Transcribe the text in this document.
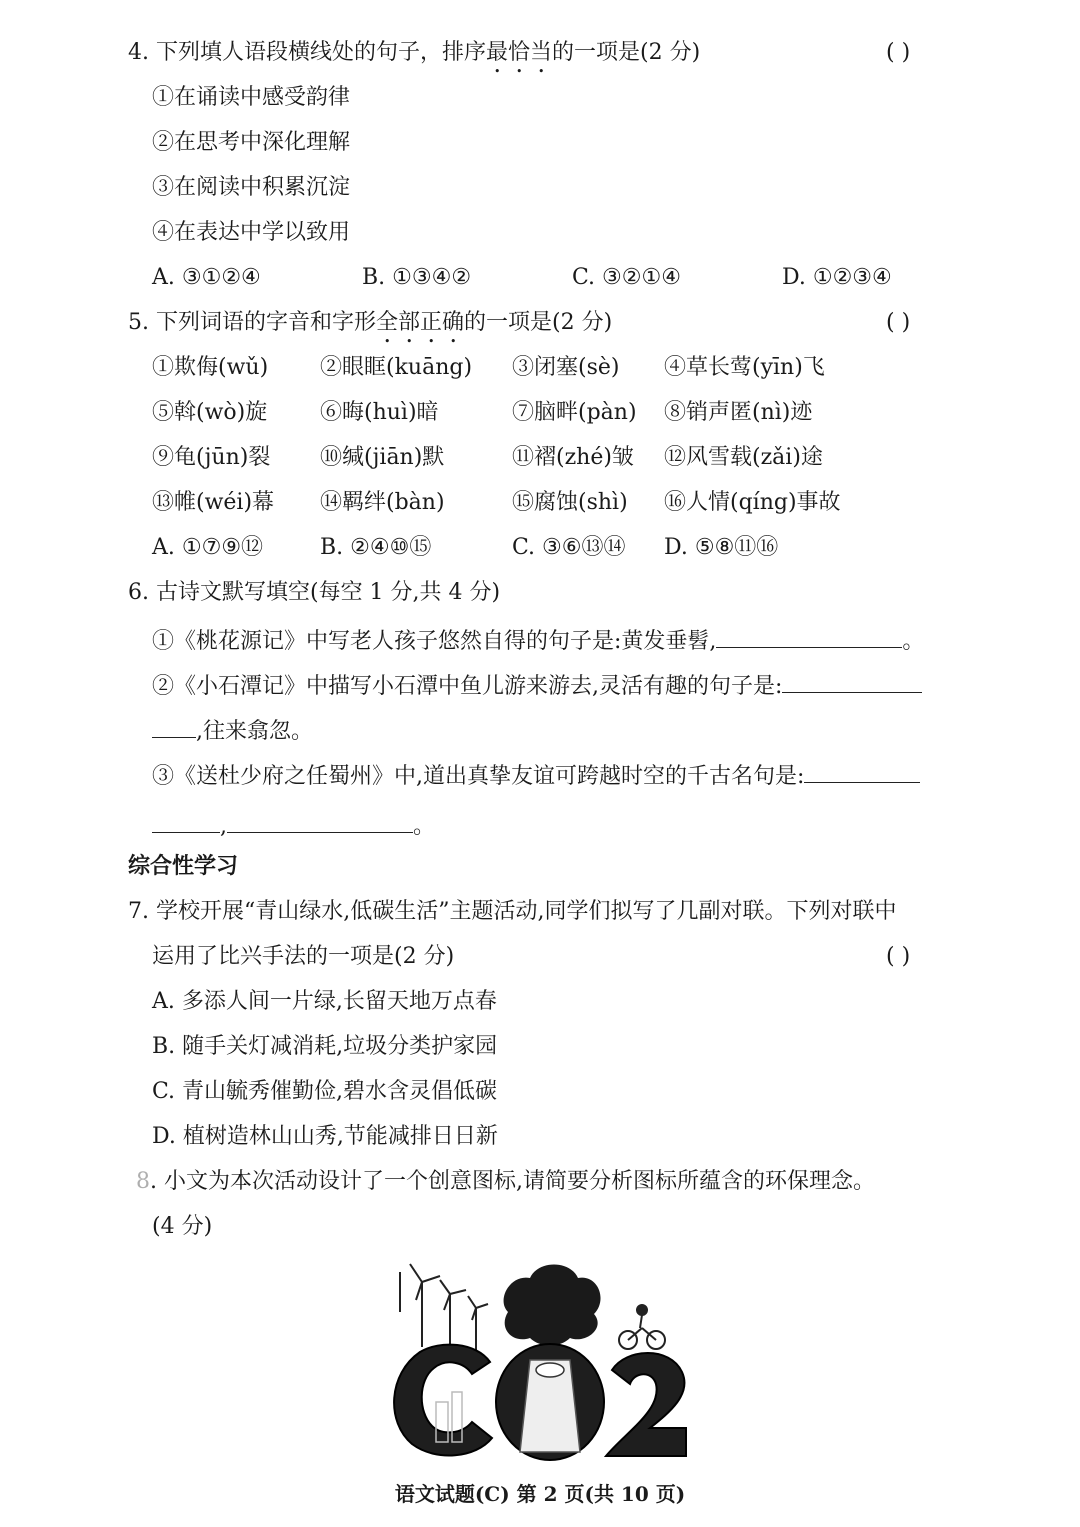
4. 下列填人语段横线处的句子，排序最恰当的一项是(2 分)	( )
①在诵读中感受韵律
②在思考中深化理解
③在阅读中积累沉淀
④在表达中学以致用
A. ③①②④	B. ①③④②	C. ③②①④	D. ①②③④
5. 下列词语的字音和字形全部正确的一项是(2 分)	( )
①欺侮(wǔ) ②眼眶(kuāng) ③闭塞(sè) ④草长莺(yīn)飞
⑤斡(wò)旋 ⑥晦(huì)暗	⑦脑畔(pàn) ⑧销声匿(nì)迹
⑨龟(jūn)裂 ⑩缄(jiān)默	⑪褶(zhé)皱 ⑫风雪载(zǎi)途
⑬帷(wéi)幕 ⑭羁绊(bàn)	⑮腐蚀(shì) ⑯人情(qíng)事故
A. ①⑦⑨⑫	B. ②④⑩⑮	C. ③⑥⑬⑭ D. ⑤⑧⑪⑯
6. 古诗文默写填空(每空 1 分,共 4 分)
①《桃花源记》中写老人孩子悠然自得的句子是:黄发垂髫,	。
②《小石潭记》中描写小石潭中鱼儿游来游去,灵活有趣的句子是:
,往来翕忽。
③《送杜少府之任蜀州》中,道出真挚友谊可跨越时空的千古名句是:
,	。
综合性学习
7. 学校开展“青山绿水,低碳生活”主题活动,同学们拟写了几副对联。下列对联中
运用了比兴手法的一项是(2 分)	( )
A. 多添人间一片绿,长留天地万点春
B. 随手关灯减消耗,垃圾分类护家园
C. 青山毓秀催勤俭,碧水含灵倡低碳
D. 植树造林山山秀,节能减排日日新
8. 小文为本次活动设计了一个创意图标,请简要分析图标所蕴含的环保理念。
(4 分)
CO2
语文试题(C) 第 2 页(共 10 页)
